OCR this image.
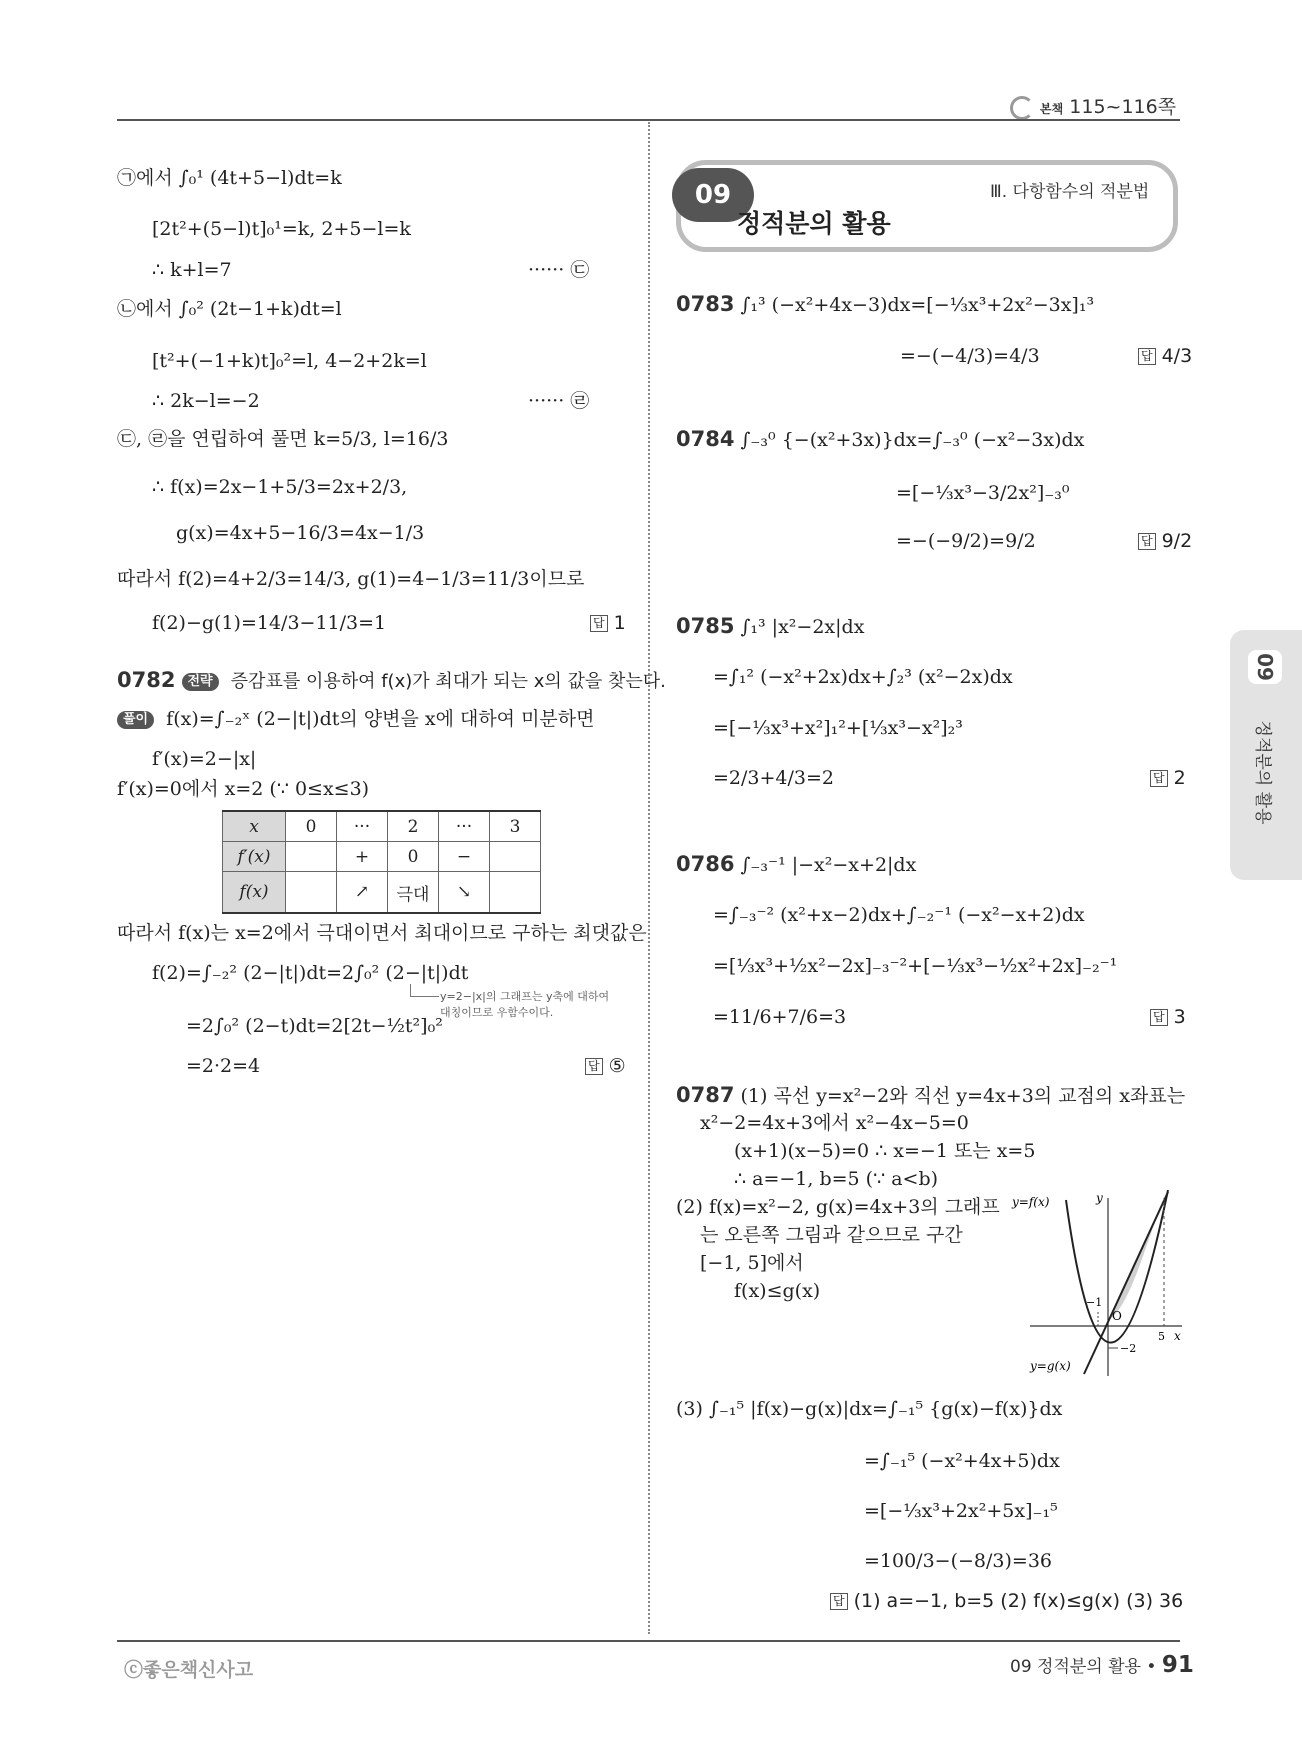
본책 115~116쪽
09
정적분의 활용
09	Ⅲ. 다항함수의 적분법
정적분의 활용
㉠에서 ∫₀¹ (4t+5−l)dt=k
[2t²+(5−l)t]₀¹=k, 2+5−l=k
∴ k+l=7	······ ㉢
㉡에서 ∫₀² (2t−1+k)dt=l
[t²+(−1+k)t]₀²=l, 4−2+2k=l
∴ 2k−l=−2	······ ㉣
㉢, ㉣을 연립하여 풀면 k=5/3, l=16/3
∴ f(x)=2x−1+5/3=2x+2/3,
g(x)=4x+5−16/3=4x−1/3
따라서 f(2)=4+2/3=14/3, g(1)=4−1/3=11/3이므로
f(2)−g(1)=14/3−11/3=1	답 1
0782 전략 증감표를 이용하여 f(x)가 최대가 되는 x의 값을 찾는다.
풀이 f(x)=∫₋₂ˣ (2−|t|)dt의 양변을 x에 대하여 미분하면
f′(x)=2−|x|
f′(x)=0에서 x=2 (∵ 0≤x≤3)
x	0	···	2	···	3
f′(x)		+	0	−	
f(x)		↗	극대	↘	
따라서 f(x)는 x=2에서 극대이면서 최대이므로 구하는 최댓값은
f(2)=∫₋₂² (2−|t|)dt=2∫₀² (2−|t|)dt
y=2−|x|의 그래프는 y축에 대하여
대칭이므로 우함수이다.
=2∫₀² (2−t)dt=2[2t−½t²]₀²
=2·2=4	답 ⑤
0783 ∫₁³ (−x²+4x−3)dx=[−⅓x³+2x²−3x]₁³
=−(−4/3)=4/3	답 4/3
0784 ∫₋₃⁰ {−(x²+3x)}dx=∫₋₃⁰ (−x²−3x)dx
=[−⅓x³−3/2x²]₋₃⁰
=−(−9/2)=9/2	답 9/2
0785 ∫₁³ |x²−2x|dx
=∫₁² (−x²+2x)dx+∫₂³ (x²−2x)dx
=[−⅓x³+x²]₁²+[⅓x³−x²]₂³
=2/3+4/3=2	답 2
0786 ∫₋₃⁻¹ |−x²−x+2|dx
=∫₋₃⁻² (x²+x−2)dx+∫₋₂⁻¹ (−x²−x+2)dx
=[⅓x³+½x²−2x]₋₃⁻²+[−⅓x³−½x²+2x]₋₂⁻¹
=11/6+7/6=3	답 3
0787 (1) 곡선 y=x²−2와 직선 y=4x+3의 교점의 x좌표는
x²−2=4x+3에서 x²−4x−5=0
(x+1)(x−5)=0 ∴ x=−1 또는 x=5
∴ a=−1, b=5 (∵ a<b)
(2) f(x)=x²−2, g(x)=4x+3의 그래프
는 오른쪽 그림과 같으므로 구간
[−1, 5]에서
f(x)≤g(x)
y=f(x)	y
x
O
−1
5
−2
y=g(x)
(3) ∫₋₁⁵ |f(x)−g(x)|dx=∫₋₁⁵ {g(x)−f(x)}dx
=∫₋₁⁵ (−x²+4x+5)dx
=[−⅓x³+2x²+5x]₋₁⁵
=100/3−(−8/3)=36
답 (1) a=−1, b=5 (2) f(x)≤g(x) (3) 36
ⓒ좋은책신사고	09 정적분의 활용 • 91
